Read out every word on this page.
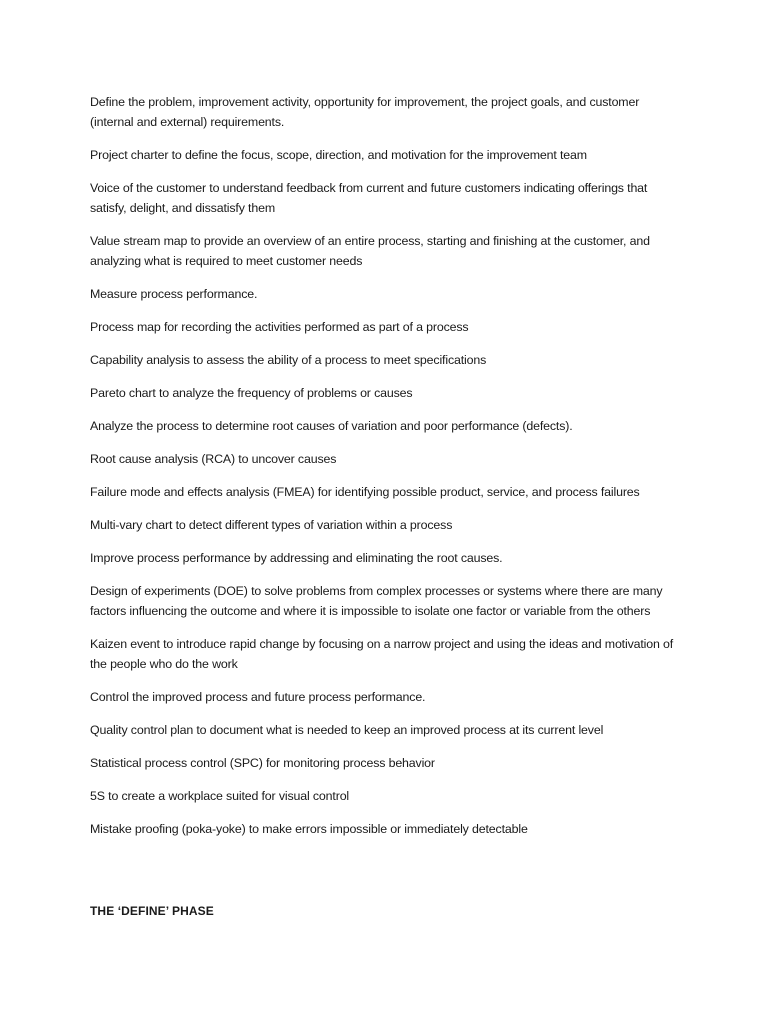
Define the problem, improvement activity, opportunity for improvement, the project goals, and customer (internal and external) requirements.

Project charter to define the focus, scope, direction, and motivation for the improvement team

Voice of the customer to understand feedback from current and future customers indicating offerings that satisfy, delight, and dissatisfy them

Value stream map to provide an overview of an entire process, starting and finishing at the customer, and analyzing what is required to meet customer needs

Measure process performance.

Process map for recording the activities performed as part of a process

Capability analysis to assess the ability of a process to meet specifications

Pareto chart to analyze the frequency of problems or causes

Analyze the process to determine root causes of variation and poor performance (defects).

Root cause analysis (RCA) to uncover causes

Failure mode and effects analysis (FMEA) for identifying possible product, service, and process failures

Multi-vary chart to detect different types of variation within a process

Improve process performance by addressing and eliminating the root causes.

Design of experiments (DOE) to solve problems from complex processes or systems where there are many factors influencing the outcome and where it is impossible to isolate one factor or variable from the others

Kaizen event to introduce rapid change by focusing on a narrow project and using the ideas and motivation of the people who do the work

Control the improved process and future process performance.

Quality control plan to document what is needed to keep an improved process at its current level

Statistical process control (SPC) for monitoring process behavior

5S to create a workplace suited for visual control

Mistake proofing (poka-yoke) to make errors impossible or immediately detectable

THE ‘DEFINE’ PHASE
